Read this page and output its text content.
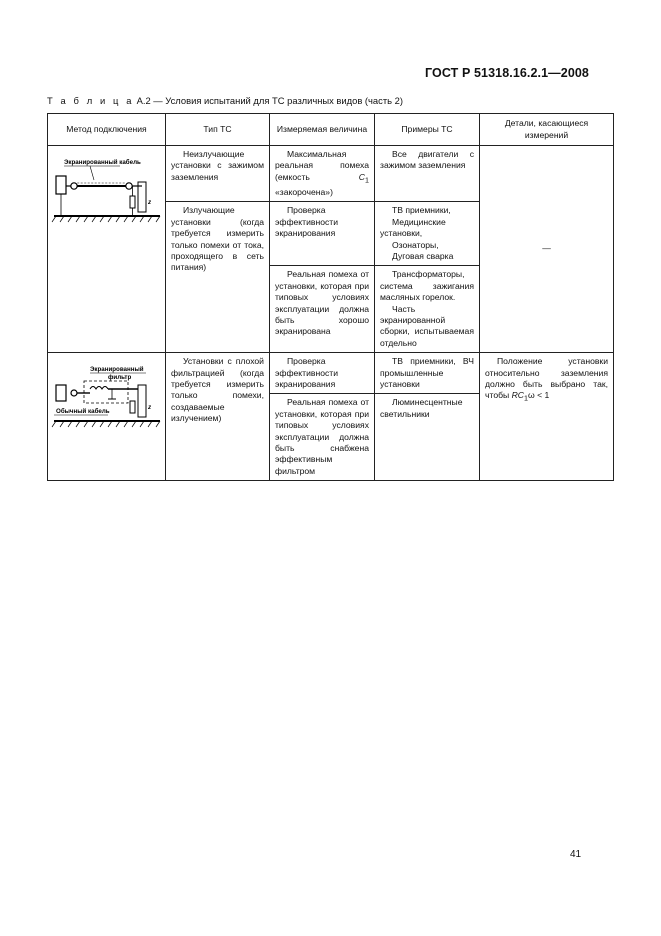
ГОСТ Р 51318.16.2.1—2008
Т а б л и ц а А.2 — Условия испытаний для ТС различных видов (часть 2)
Метод подключения	Тип ТС	Измеряемая величина	Примеры ТС	Детали, касающиеся измерений

Экранированный кабель
z	Неизлучающие установки с зажимом заземления	Максимальная реальная помеха (емкость $C_1$ «закорочена»)	Все двигатели с зажимом заземления	—
	Излучающие установки (когда требуется измерить только помехи от тока, проходящего в сеть питания)	Проверка эффективности экранирования	ТВ приемники,
Медицинские установки,
Озонаторы,
Дуговая сварка	

		Реальная помеха от установки, которая при типовых условиях эксплуатации должна быть хорошо экранирована	Трансформаторы, система зажигания масляных горелок.
Часть экранированной сборки, испытываемая отдельно	

Экранированный
фильтр
z
Обычный кабель	Установки с плохой фильтрацией (когда требуется измерить только помехи, создаваемые излучением)	Проверка эффективности экранирования	ТВ приемники, ВЧ промышленные установки	Положение установки относительно заземления должно быть выбрано так, чтобы $RC_1\omega < 1$
		Реальная помеха от установки, которая при типовых условиях эксплуатации должна быть снабжена эффективным фильтром	Люминесцентные светильники	
41
